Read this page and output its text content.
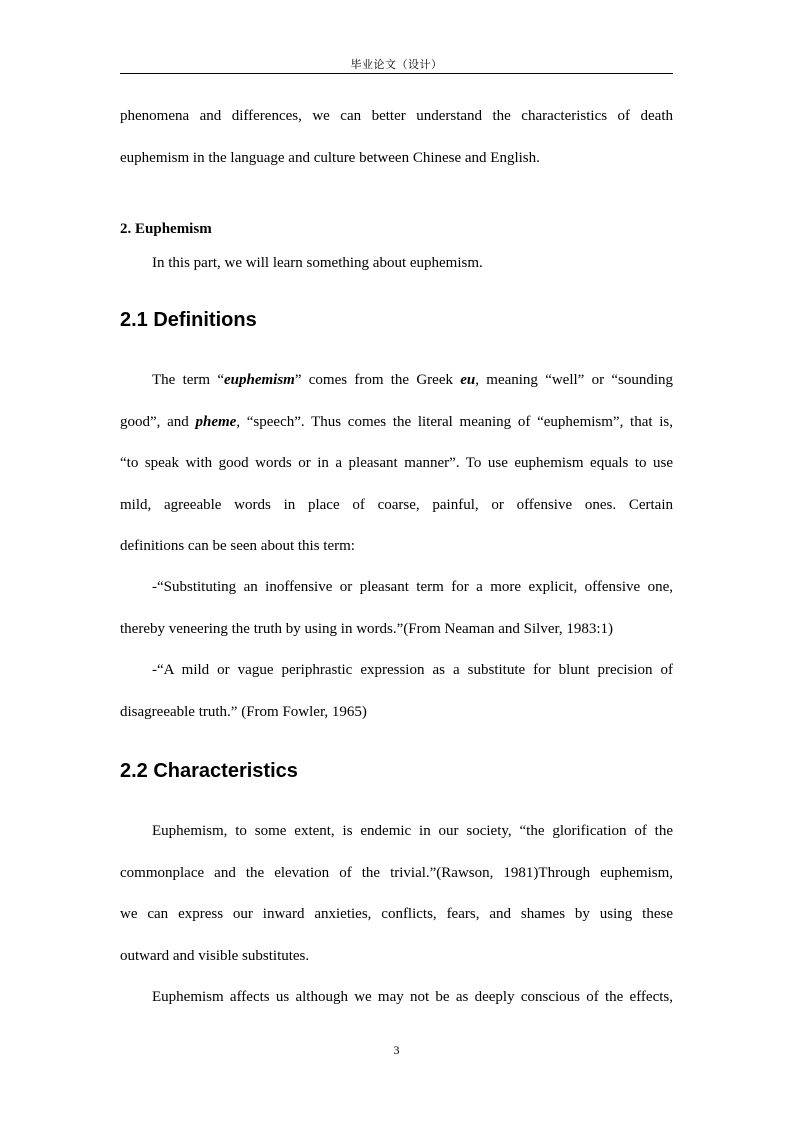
毕业论文（设计）
phenomena and differences, we can better understand the characteristics of death
euphemism in the language and culture between Chinese and English.
2. Euphemism
In this part, we will learn something about euphemism.
2.1 Definitions
The term “euphemism” comes from the Greek eu, meaning “well” or “sounding
good”, and pheme, “speech”. Thus comes the literal meaning of “euphemism”, that is,
“to speak with good words or in a pleasant manner”. To use euphemism equals to use
mild, agreeable words in place of coarse, painful, or offensive ones. Certain
definitions can be seen about this term:
-“Substituting an inoffensive or pleasant term for a more explicit, offensive one,
thereby veneering the truth by using in words.”(From Neaman and Silver, 1983:1)
-“A mild or vague periphrastic expression as a substitute for blunt precision of
disagreeable truth.” (From Fowler, 1965)
2.2 Characteristics
Euphemism, to some extent, is endemic in our society, “the glorification of the
commonplace and the elevation of the trivial.”(Rawson, 1981)Through euphemism,
we can express our inward anxieties, conflicts, fears, and shames by using these
outward and visible substitutes.
Euphemism affects us although we may not be as deeply conscious of the effects,
3
